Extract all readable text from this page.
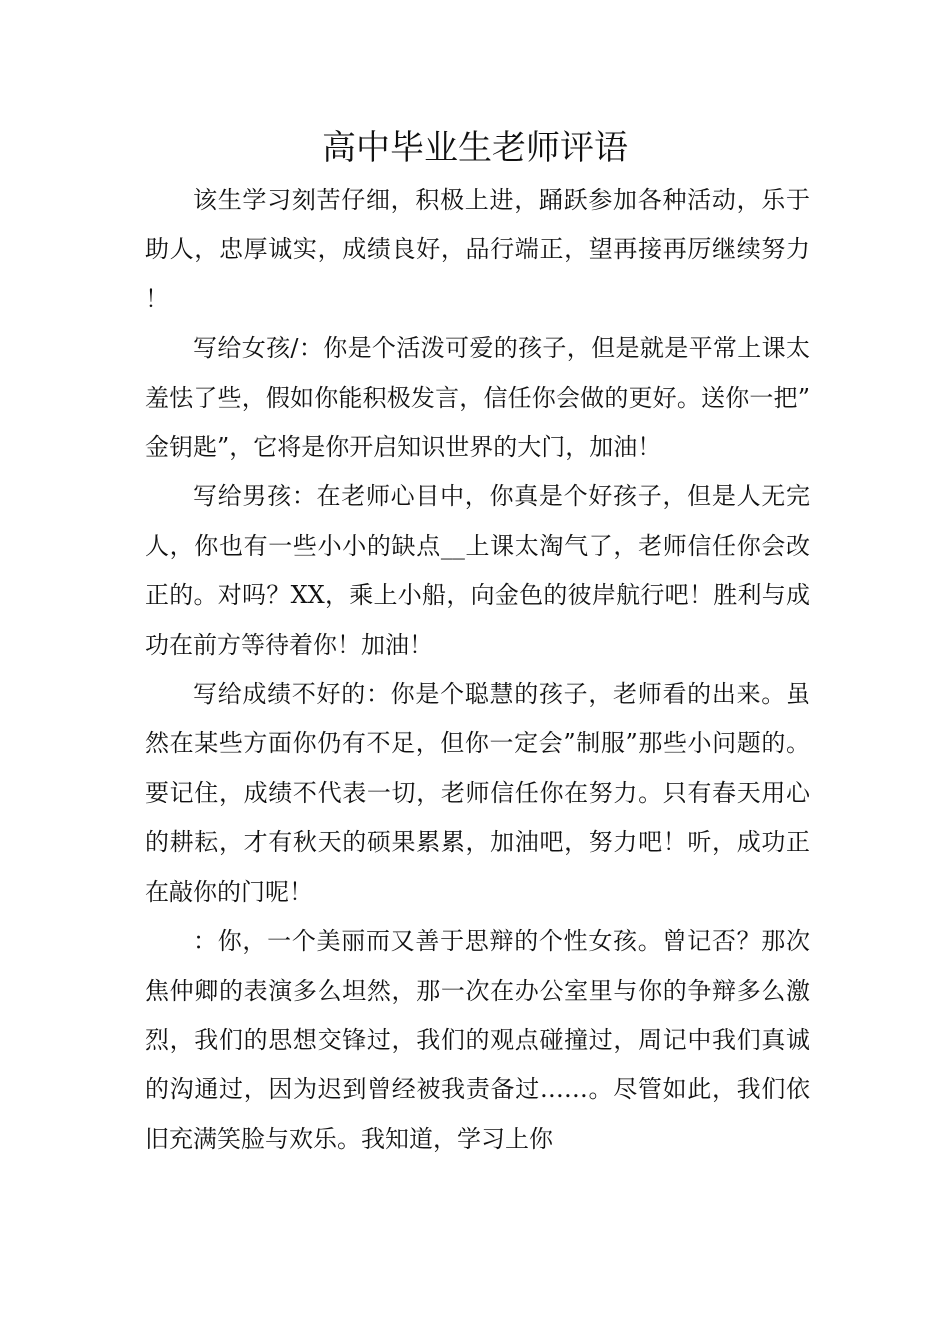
高中毕业生老师评语

该生学习刻苦仔细，积极上进，踊跃参加各种活动，乐于助人，忠厚诚实，成绩良好，品行端正，望再接再厉继续努力！

写给女孩/：你是个活泼可爱的孩子，但是就是平常上课太羞怯了些，假如你能积极发言，信任你会做的更好。送你一把”金钥匙”，它将是你开启知识世界的大门，加油！

写给男孩：在老师心目中，你真是个好孩子，但是人无完人，你也有一些小小的缺点__上课太淘气了，老师信任你会改正的。对吗？XX，乘上小船，向金色的彼岸航行吧！胜利与成功在前方等待着你！加油！

写给成绩不好的：你是个聪慧的孩子，老师看的出来。虽然在某些方面你仍有不足，但你一定会”制服”那些小问题的。要记住，成绩不代表一切，老师信任你在努力。只有春天用心的耕耘，才有秋天的硕果累累，加油吧，努力吧！听，成功正在敲你的门呢！

：你，一个美丽而又善于思辩的个性女孩。曾记否？那次焦仲卿的表演多么坦然，那一次在办公室里与你的争辩多么激烈，我们的思想交锋过，我们的观点碰撞过，周记中我们真诚的沟通过，因为迟到曾经被我责备过……。尽管如此，我们依旧充满笑脸与欢乐。我知道，学习上你
